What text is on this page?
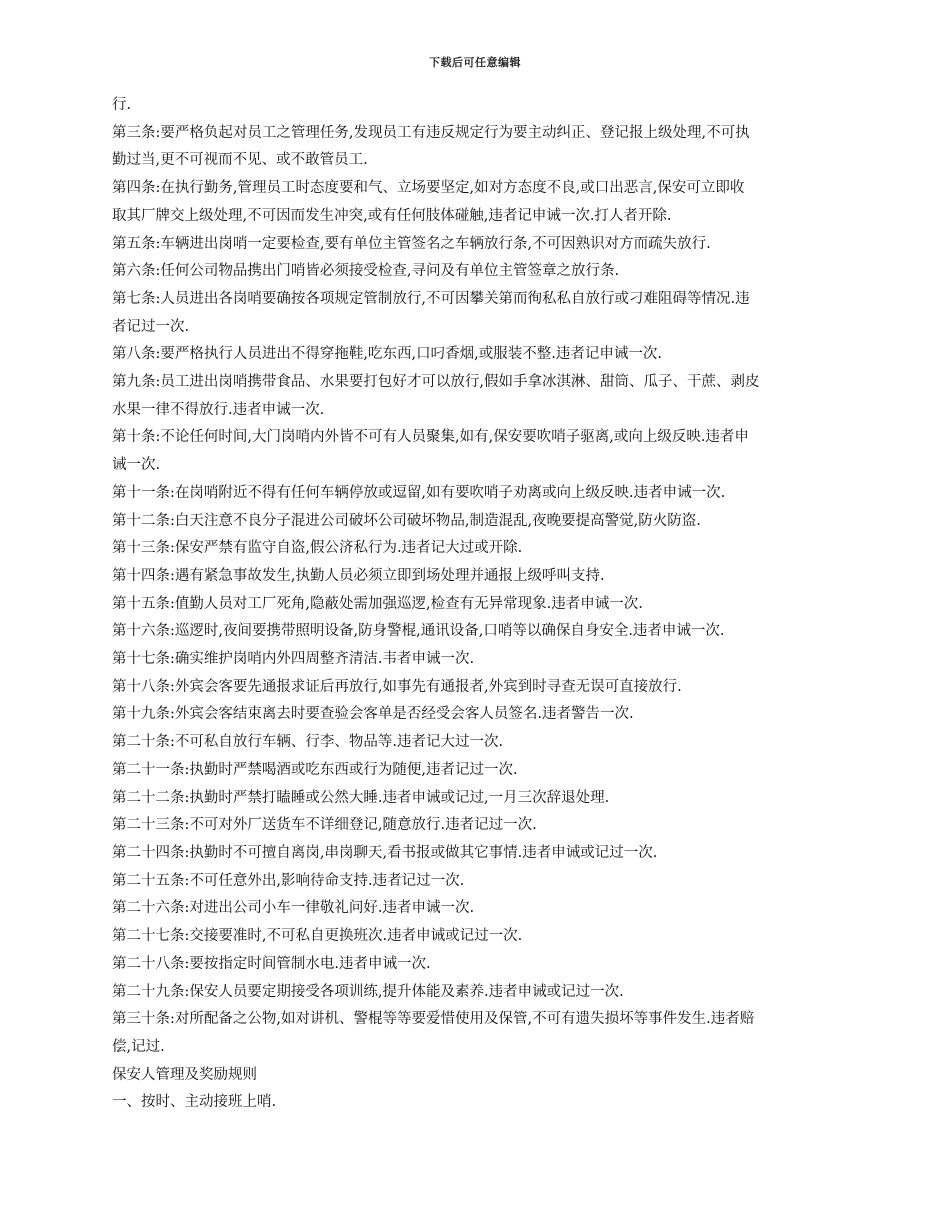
下载后可任意编辑
行.
第三条:要严格负起对员工之管理任务,发现员工有违反规定行为要主动纠正、登记报上级处理,不可执
勤过当,更不可视而不见、或不敢管员工.
第四条:在执行勤务,管理员工时态度要和气、立场要坚定,如对方态度不良,或口出恶言,保安可立即收
取其厂牌交上级处理,不可因而发生冲突,或有任何肢体碰触,违者记申诫一次.打人者开除.
第五条:车辆进出岗哨一定要检查,要有单位主管签名之车辆放行条,不可因熟识对方而疏失放行.
第六条:任何公司物品携出门哨皆必须接受检查,寻问及有单位主管签章之放行条.
第七条:人员进出各岗哨要确按各项规定管制放行,不可因攀关第而徇私私自放行或刁难阻碍等情况.违
者记过一次.
第八条:要严格执行人员进出不得穿拖鞋,吃东西,口叼香烟,或服装不整.违者记申诫一次.
第九条:员工进出岗哨携带食品、水果要打包好才可以放行,假如手拿冰淇淋、甜筒、瓜子、干蔗、剥皮
水果一律不得放行.违者申诫一次.
第十条:不论任何时间,大门岗哨内外皆不可有人员聚集,如有,保安要吹哨子驱离,或向上级反映.违者申
诫一次.
第十一条:在岗哨附近不得有任何车辆停放或逗留,如有要吹哨子劝离或向上级反映.违者申诫一次.
第十二条:白天注意不良分子混进公司破坏公司破坏物品,制造混乱,夜晚要提高警觉,防火防盗.
第十三条:保安严禁有监守自盗,假公济私行为.违者记大过或开除.
第十四条:遇有紧急事故发生,执勤人员必须立即到场处理并通报上级呼叫支持.
第十五条:值勤人员对工厂死角,隐蔽处需加强巡逻,检查有无异常现象.违者申诫一次.
第十六条:巡逻时,夜间要携带照明设备,防身警棍,通讯设备,口哨等以确保自身安全.违者申诫一次.
第十七条:确实维护岗哨内外四周整齐清洁.韦者申诫一次.
第十八条:外宾会客要先通报求证后再放行,如事先有通报者,外宾到时寻查无误可直接放行.
第十九条:外宾会客结束离去时要查验会客单是否经受会客人员签名.违者警告一次.
第二十条:不可私自放行车辆、行李、物品等.违者记大过一次.
第二十一条:执勤时严禁喝酒或吃东西或行为随便,违者记过一次.
第二十二条:执勤时严禁打瞌睡或公然大睡.违者申诫或记过,一月三次辞退处理.
第二十三条:不可对外厂送货车不详细登记,随意放行.违者记过一次.
第二十四条:执勤时不可擅自离岗,串岗聊天,看书报或做其它事情.违者申诫或记过一次.
第二十五条:不可任意外出,影响待命支持.违者记过一次.
第二十六条:对进出公司小车一律敬礼问好.违者申诫一次.
第二十七条:交接要准时,不可私自更换班次.违者申诫或记过一次.
第二十八条:要按指定时间管制水电.违者申诫一次.
第二十九条:保安人员要定期接受各项训练,提升体能及素养.违者申诫或记过一次.
第三十条:对所配备之公物,如对讲机、警棍等等要爱惜使用及保管,不可有遗失损坏等事件发生.违者赔
偿,记过.
保安人管理及奖励规则
一、按时、主动接班上哨.
